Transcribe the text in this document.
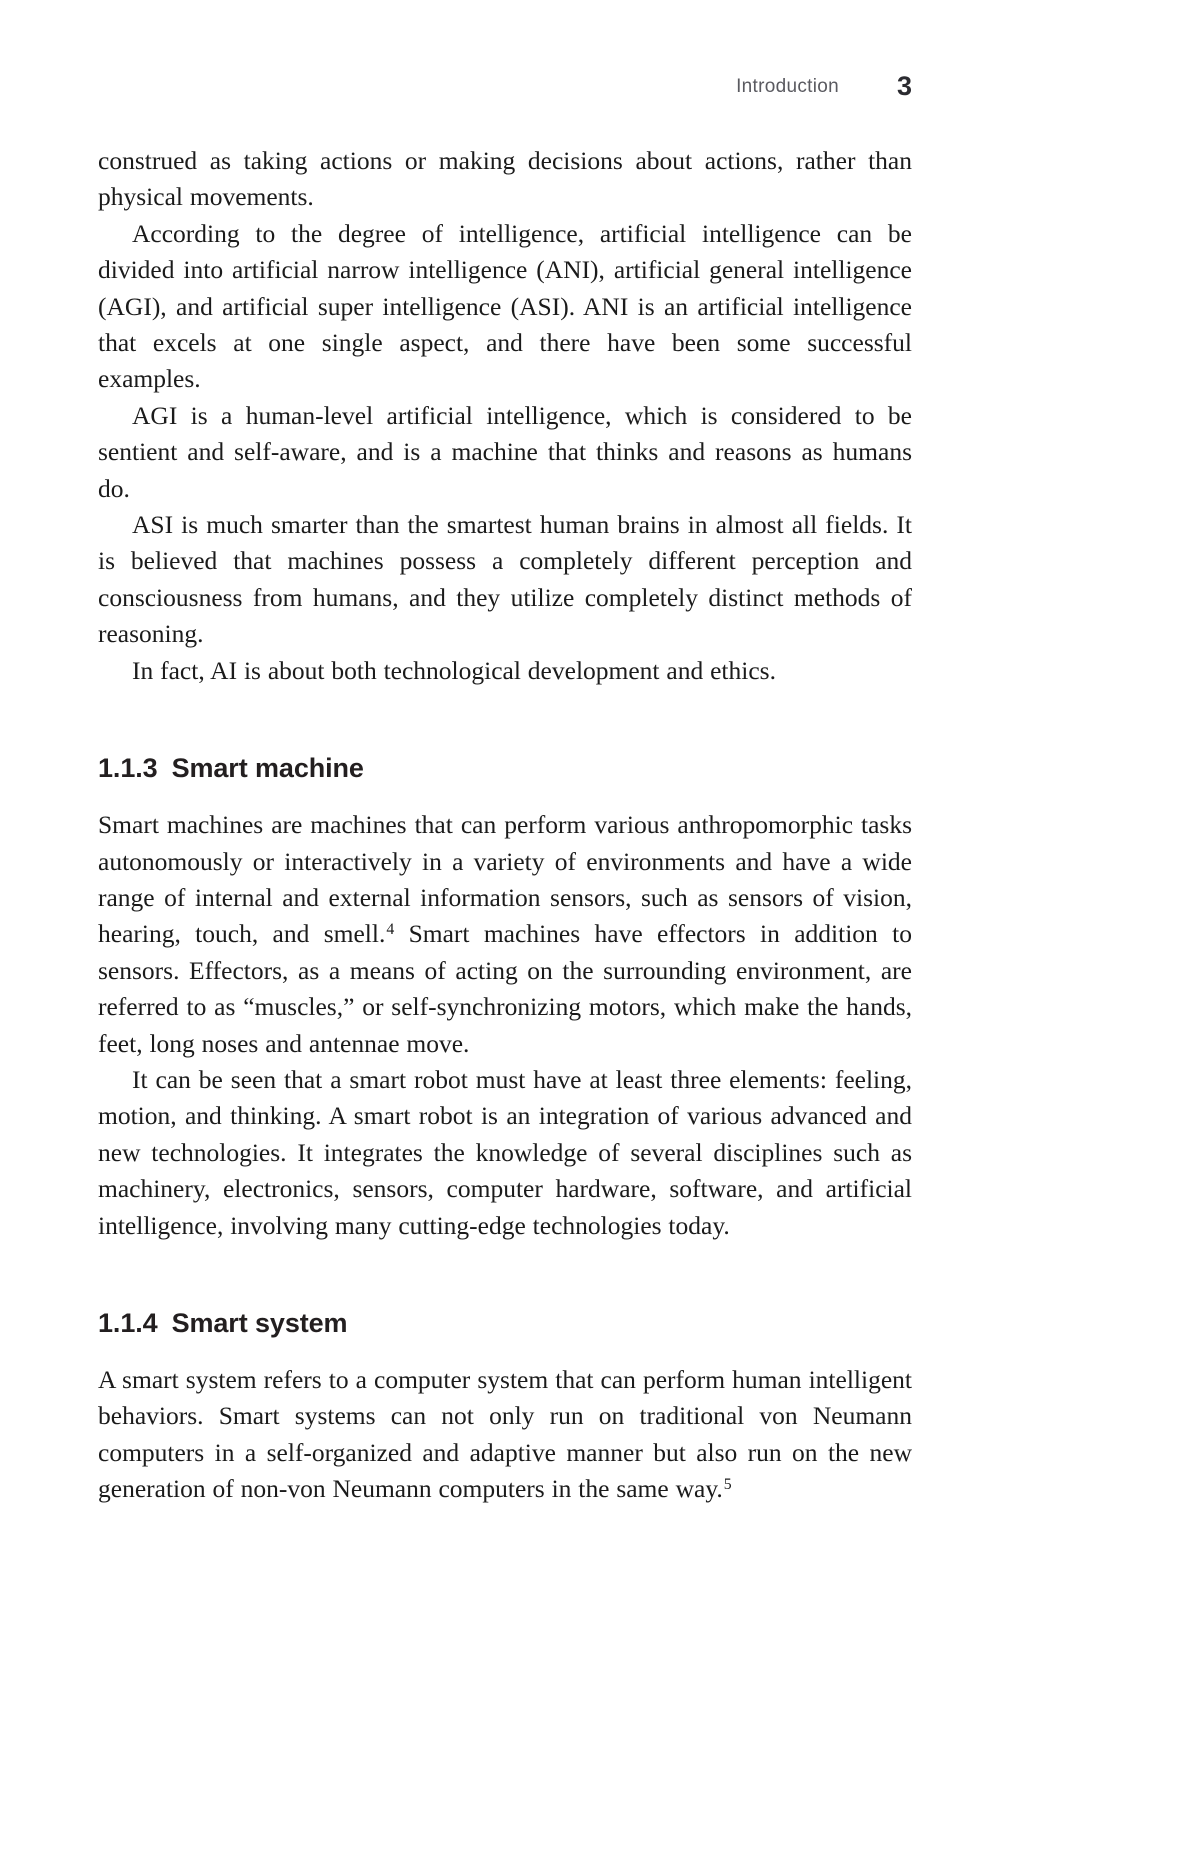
Introduction 3

construed as taking actions or making decisions about actions, rather than physical movements.

According to the degree of intelligence, artificial intelligence can be divided into artificial narrow intelligence (ANI), artificial general intelligence (AGI), and artificial super intelligence (ASI). ANI is an artificial intelligence that excels at one single aspect, and there have been some successful examples.

AGI is a human-level artificial intelligence, which is considered to be sentient and self-aware, and is a machine that thinks and reasons as humans do.

ASI is much smarter than the smartest human brains in almost all fields. It is believed that machines possess a completely different perception and consciousness from humans, and they utilize completely distinct methods of reasoning.

In fact, AI is about both technological development and ethics.

1.1.3 Smart machine

Smart machines are machines that can perform various anthropomorphic tasks autonomously or interactively in a variety of environments and have a wide range of internal and external information sensors, such as sensors of vision, hearing, touch, and smell.$^4$ Smart machines have effectors in addition to sensors. Effectors, as a means of acting on the surrounding environment, are referred to as “muscles,” or self-synchronizing motors, which make the hands, feet, long noses and antennae move.

It can be seen that a smart robot must have at least three elements: feeling, motion, and thinking. A smart robot is an integration of various advanced and new technologies. It integrates the knowledge of several disciplines such as machinery, electronics, sensors, computer hardware, software, and artificial intelligence, involving many cutting-edge technologies today.

1.1.4 Smart system

A smart system refers to a computer system that can perform human intelligent behaviors. Smart systems can not only run on traditional von Neumann computers in a self-organized and adaptive manner but also run on the new generation of non-von Neumann computers in the same way.$^5$
